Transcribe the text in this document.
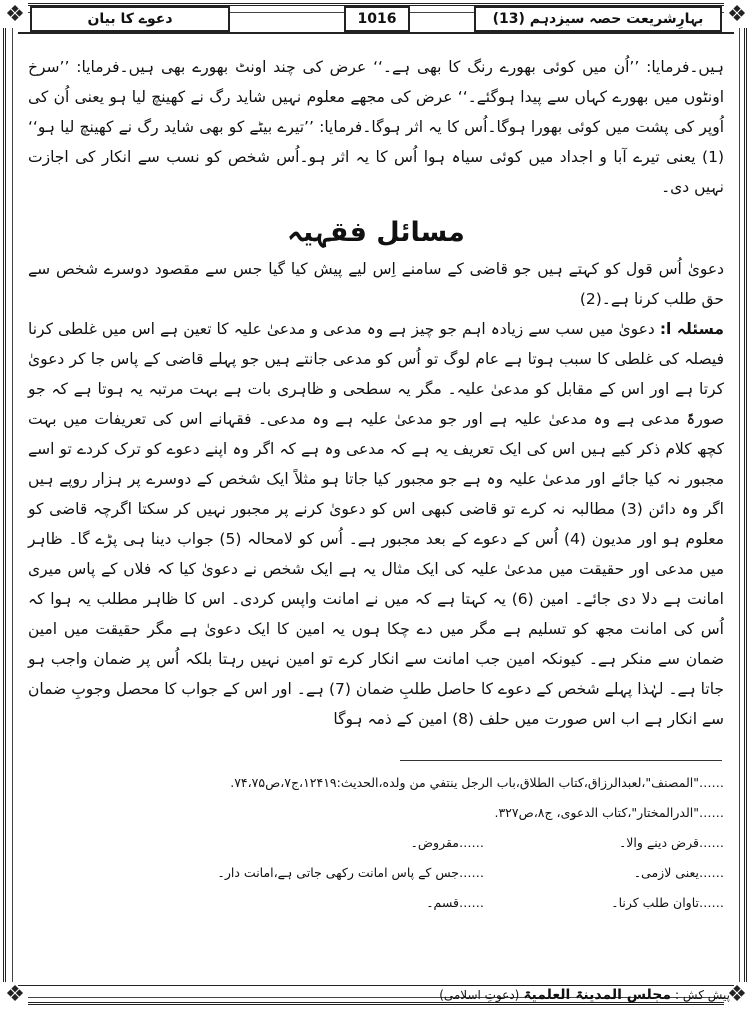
❖	❖
❖	❖
بہارِشریعت حصہ سیزدہم (13)
1016
دعوے کا بیان

ہیں۔فرمایا: ’’اُن میں کوئی بھورے رنگ کا بھی ہے۔‘‘ عرض کی چند اونٹ بھورے بھی ہیں۔فرمایا: ’’سرخ اونٹوں میں بھورے کہاں سے پیدا ہوگئے۔‘‘ عرض کی مجھے معلوم نہیں شاید رگ نے کھینچ لیا ہو یعنی اُن کی اُوپر کی پشت میں کوئی بھورا ہوگا۔اُس کا یہ اثر ہوگا۔فرمایا: ’’تیرے بیٹے کو بھی شاید رگ نے کھینچ لیا ہو‘‘ (1) یعنی تیرے آبا و اجداد میں کوئی سیاہ ہوا اُس کا یہ اثر ہو۔اُس شخص کو نسب سے انکار کی اجازت نہیں دی۔

مسائل فقہیہ

دعویٰ اُس قول کو کہتے ہیں جو قاضی کے سامنے اِس لیے پیش کیا گیا جس سے مقصود دوسرے شخص سے حق طلب کرنا ہے۔(2)

مسئلہ ا: دعویٰ میں سب سے زیادہ اہم جو چیز ہے وہ مدعی و مدعیٰ علیہ کا تعین ہے اس میں غلطی کرنا فیصلہ کی غلطی کا سبب ہوتا ہے عام لوگ تو اُس کو مدعی جانتے ہیں جو پہلے قاضی کے پاس جا کر دعویٰ کرتا ہے اور اس کے مقابل کو مدعیٰ علیہ۔ مگر یہ سطحی و ظاہری بات ہے بہت مرتبہ یہ ہوتا ہے کہ جو صورۃً مدعی ہے وہ مدعیٰ علیہ ہے اور جو مدعیٰ علیہ ہے وہ مدعی۔ فقہانے اس کی تعریفات میں بہت کچھ کلام ذکر کیے ہیں اس کی ایک تعریف یہ ہے کہ مدعی وہ ہے کہ اگر وہ اپنے دعوے کو ترک کردے تو اسے مجبور نہ کیا جائے اور مدعیٰ علیہ وہ ہے جو مجبور کیا جاتا ہو مثلاً ایک شخص کے دوسرے پر ہزار روپے ہیں اگر وہ دائن (3) مطالبہ نہ کرے تو قاضی کبھی اس کو دعویٰ کرنے پر مجبور نہیں کر سکتا اگرچہ قاضی کو معلوم ہو اور مدیون (4) اُس کے دعوے کے بعد مجبور ہے۔ اُس کو لامحالہ (5) جواب دینا ہی پڑے گا۔ ظاہر میں مدعی اور حقیقت میں مدعیٰ علیہ کی ایک مثال یہ ہے ایک شخص نے دعویٰ کیا کہ فلاں کے پاس میری امانت ہے دلا دی جائے۔ امین (6) یہ کہتا ہے کہ میں نے امانت واپس کردی۔ اس کا ظاہر مطلب یہ ہوا کہ اُس کی امانت مجھ کو تسلیم ہے مگر میں دے چکا ہوں یہ امین کا ایک دعویٰ ہے مگر حقیقت میں امین ضمان سے منکر ہے۔ کیونکہ امین جب امانت سے انکار کرے تو امین نہیں رہتا بلکہ اُس پر ضمان واجب ہو جاتا ہے۔ لہٰذا پہلے شخص کے دعوے کا حاصل طلبِ ضمان (7) ہے۔ اور اس کے جواب کا محصل وجوبِ ضمان سے انکار ہے اب اس صورت میں حلف (8) امین کے ذمہ ہوگا

……"المصنف"،لعبدالرزاق،کتاب الطلاق،باب الرجل ینتفي من ولده،الحدیث:۱۲۴۱۹،ج۷،ص۷۴،۷۵.
……"الدرالمختار"،کتاب الدعوی، ج۸،ص۳۲۷.
……قرض دینے والا۔
……مقروض۔
……یعنی لازمی۔
……جس کے پاس امانت رکھی جاتی ہے،امانت دار۔
……تاوان طلب کرنا۔
……قسم۔
پیش کش :
مجلس المدینۃ العلمیۃ
(دعوتِ اسلامی)
